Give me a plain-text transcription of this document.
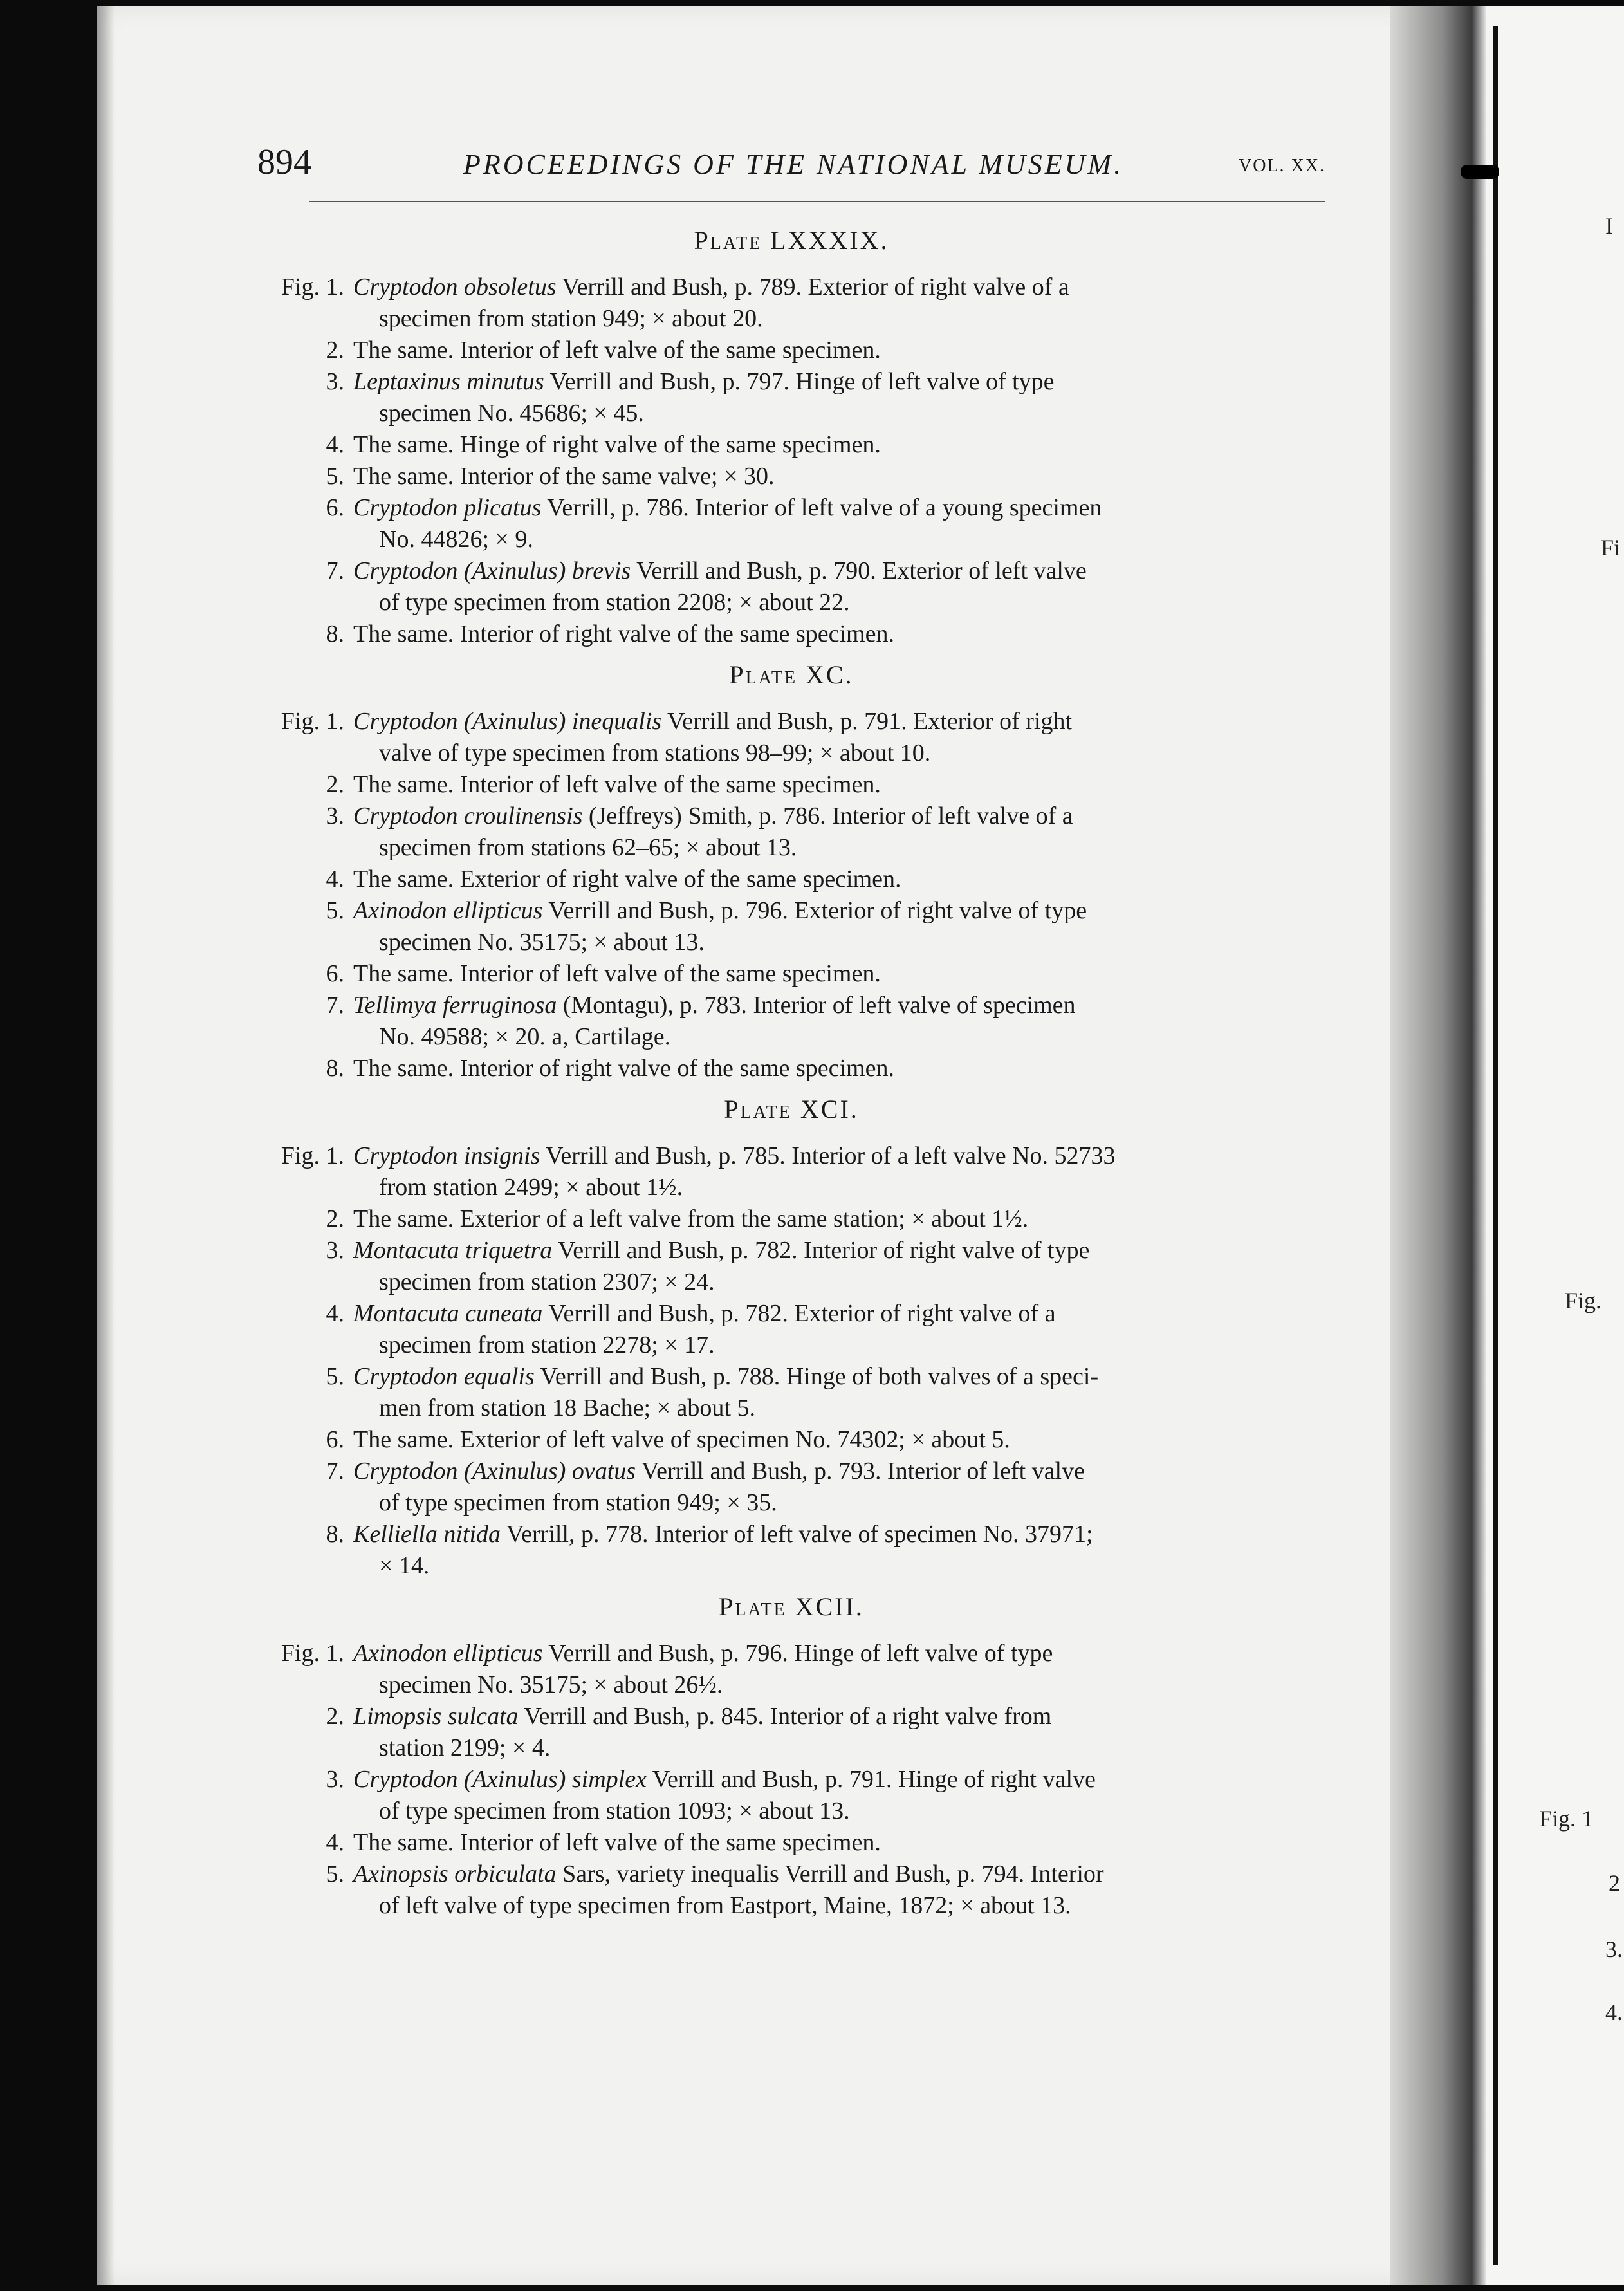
I
Fi
Fig.
Fig. 1
2
3.
4.
894	PROCEEDINGS OF THE NATIONAL MUSEUM.	VOL. XX.
Plate LXXXIX.
Fig. 1. Cryptodon obsoletus Verrill and Bush, p. 789. Exterior of right valve of a
specimen from station 949; × about 20.
2. The same. Interior of left valve of the same specimen.
3. Leptaxinus minutus Verrill and Bush, p. 797. Hinge of left valve of type
specimen No. 45686; × 45.
4. The same. Hinge of right valve of the same specimen.
5. The same. Interior of the same valve; × 30.
6. Cryptodon plicatus Verrill, p. 786. Interior of left valve of a young specimen
No. 44826; × 9.
7. Cryptodon (Axinulus) brevis Verrill and Bush, p. 790. Exterior of left valve
of type specimen from station 2208; × about 22.
8. The same. Interior of right valve of the same specimen.
Plate XC.
Fig. 1. Cryptodon (Axinulus) inequalis Verrill and Bush, p. 791. Exterior of right
valve of type specimen from stations 98–99; × about 10.
2. The same. Interior of left valve of the same specimen.
3. Cryptodon croulinensis (Jeffreys) Smith, p. 786. Interior of left valve of a
specimen from stations 62–65; × about 13.
4. The same. Exterior of right valve of the same specimen.
5. Axinodon ellipticus Verrill and Bush, p. 796. Exterior of right valve of type
specimen No. 35175; × about 13.
6. The same. Interior of left valve of the same specimen.
7. Tellimya ferruginosa (Montagu), p. 783. Interior of left valve of specimen
No. 49588; × 20. a, Cartilage.
8. The same. Interior of right valve of the same specimen.
Plate XCI.
Fig. 1. Cryptodon insignis Verrill and Bush, p. 785. Interior of a left valve No. 52733
from station 2499; × about 1½.
2. The same. Exterior of a left valve from the same station; × about 1½.
3. Montacuta triquetra Verrill and Bush, p. 782. Interior of right valve of type
specimen from station 2307; × 24.
4. Montacuta cuneata Verrill and Bush, p. 782. Exterior of right valve of a
specimen from station 2278; × 17.
5. Cryptodon equalis Verrill and Bush, p. 788. Hinge of both valves of a speci-
men from station 18 Bache; × about 5.
6. The same. Exterior of left valve of specimen No. 74302; × about 5.
7. Cryptodon (Axinulus) ovatus Verrill and Bush, p. 793. Interior of left valve
of type specimen from station 949; × 35.
8. Kelliella nitida Verrill, p. 778. Interior of left valve of specimen No. 37971;
× 14.
Plate XCII.
Fig. 1. Axinodon ellipticus Verrill and Bush, p. 796. Hinge of left valve of type
specimen No. 35175; × about 26½.
2. Limopsis sulcata Verrill and Bush, p. 845. Interior of a right valve from
station 2199; × 4.
3. Cryptodon (Axinulus) simplex Verrill and Bush, p. 791. Hinge of right valve
of type specimen from station 1093; × about 13.
4. The same. Interior of left valve of the same specimen.
5. Axinopsis orbiculata Sars, variety inequalis Verrill and Bush, p. 794. Interior
of left valve of type specimen from Eastport, Maine, 1872; × about 13.
